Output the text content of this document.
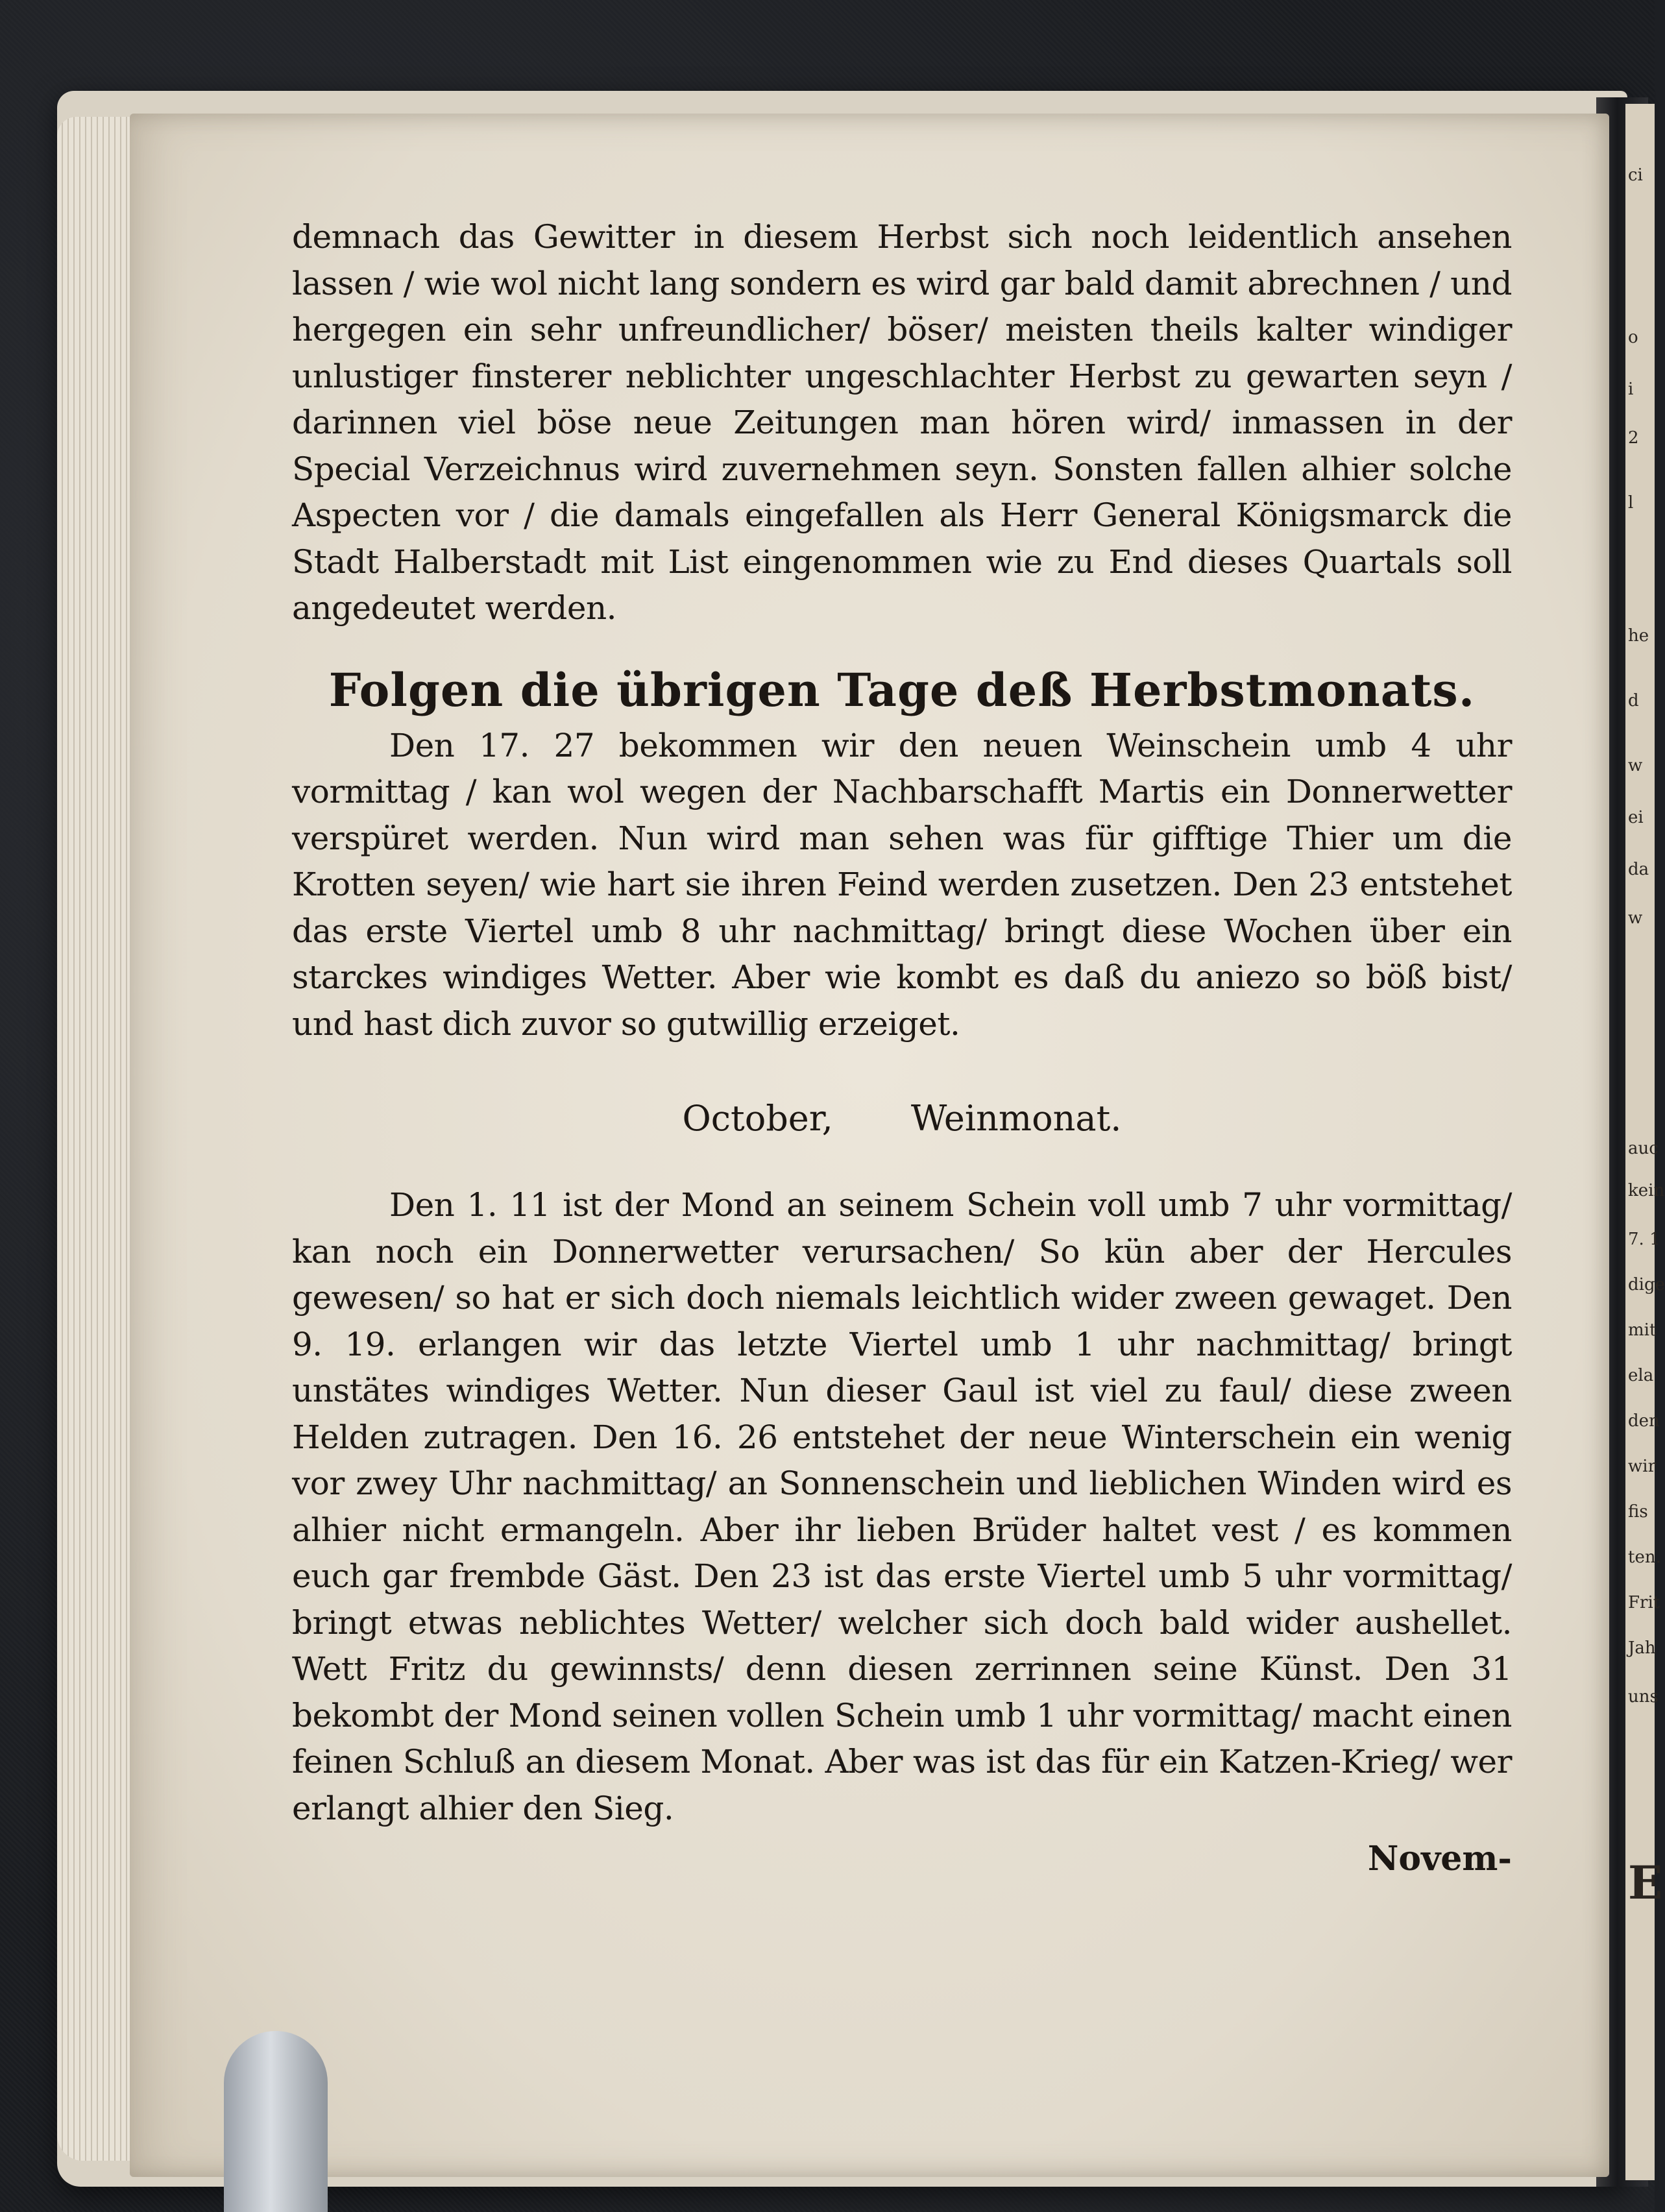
ci
o
i
2
l
he
d
w
ei
da
w
auc
kein
7. 1
dige
mit
ela
den
wir
fis
ten.
Frit
Jah
uns
E

demnach das Gewitter in diesem Herbst sich noch leidentlich ansehen lassen / wie wol nicht lang sondern es wird gar bald damit abrechnen / und hergegen ein sehr unfreundlicher/ böser/ meisten theils kalter windiger unlustiger finsterer neblichter ungeschlachter Herbst zu gewarten seyn / darinnen viel böse neue Zeitungen man hören wird/ inmassen in der Special Verzeichnus wird zuvernehmen seyn. Sonsten fallen alhier solche Aspecten vor / die damals eingefallen als Herr General Königsmarck die Stadt Halberstadt mit List eingenommen wie zu End dieses Quartals soll angedeutet werden.

Folgen die übrigen Tage deß Herbstmonats.

Den 17. 27 bekommen wir den neuen Weinschein umb 4 uhr vormittag / kan wol wegen der Nachbarschafft Martis ein Donnerwetter verspüret werden. Nun wird man sehen was für gifftige Thier um die Krotten seyen/ wie hart sie ihren Feind werden zusetzen. Den 23 entstehet das erste Viertel umb 8 uhr nachmittag/ bringt diese Wochen über ein starckes windiges Wetter. Aber wie kombt es daß du aniezo so böß bist/ und hast dich zuvor so gutwillig erzeiget.

October, Weinmonat.

Den 1. 11 ist der Mond an seinem Schein voll umb 7 uhr vormittag/ kan noch ein Donnerwetter verursachen/ So kün aber der Hercules gewesen/ so hat er sich doch niemals leichtlich wider zween gewaget. Den 9. 19. erlangen wir das letzte Viertel umb 1 uhr nachmittag/ bringt unstätes windiges Wetter. Nun dieser Gaul ist viel zu faul/ diese zween Helden zutragen. Den 16. 26 entstehet der neue Winterschein ein wenig vor zwey Uhr nachmittag/ an Sonnenschein und lieblichen Winden wird es alhier nicht ermangeln. Aber ihr lieben Brüder haltet vest / es kommen euch gar frembde Gäst. Den 23 ist das erste Viertel umb 5 uhr vormittag/ bringt etwas neblichtes Wetter/ welcher sich doch bald wider aushellet. Wett Fritz du gewinnsts/ denn diesen zerrinnen seine Künst. Den 31 bekombt der Mond seinen vollen Schein umb 1 uhr vormittag/ macht einen feinen Schluß an diesem Monat. Aber was ist das für ein Katzen-Krieg/ wer erlangt alhier den Sieg.

Novem-
